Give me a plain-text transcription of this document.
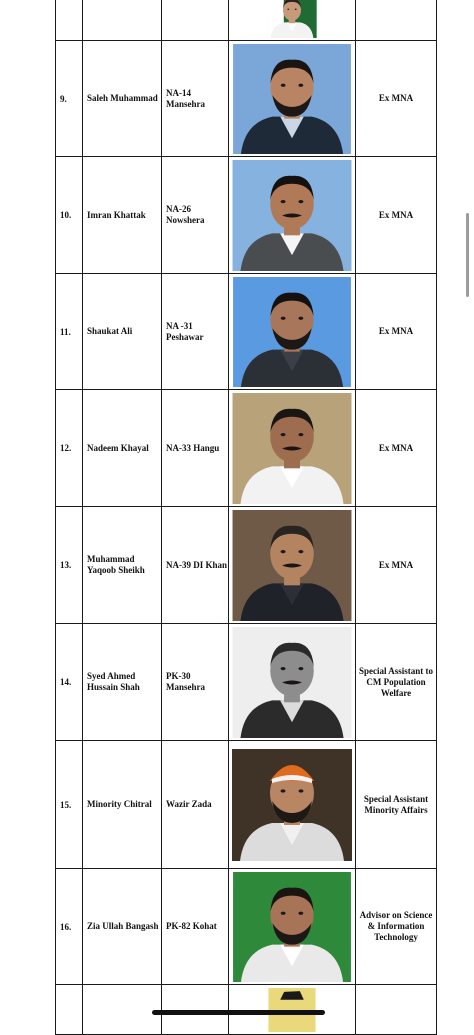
9.	Saleh Muhammad	NA-14 Mansehra		Ex MNA
10.	Imran Khattak	NA-26 Nowshera		Ex MNA
11.	Shaukat Ali	NA -31 Peshawar		Ex MNA
12.	Nadeem Khayal	NA-33 Hangu		Ex MNA
13.	Muhammad Yaqoob Sheikh	NA-39 DI Khan		Ex MNA
14.	Syed Ahmed Hussain Shah	PK-30 Mansehra		Special Assistant to CM Population Welfare
15.	Minority Chitral	Wazir Zada		Special Assistant Minority Affairs
16.	Zia Ullah Bangash	PK-82 Kohat		Advisor on Science & Information Technology
